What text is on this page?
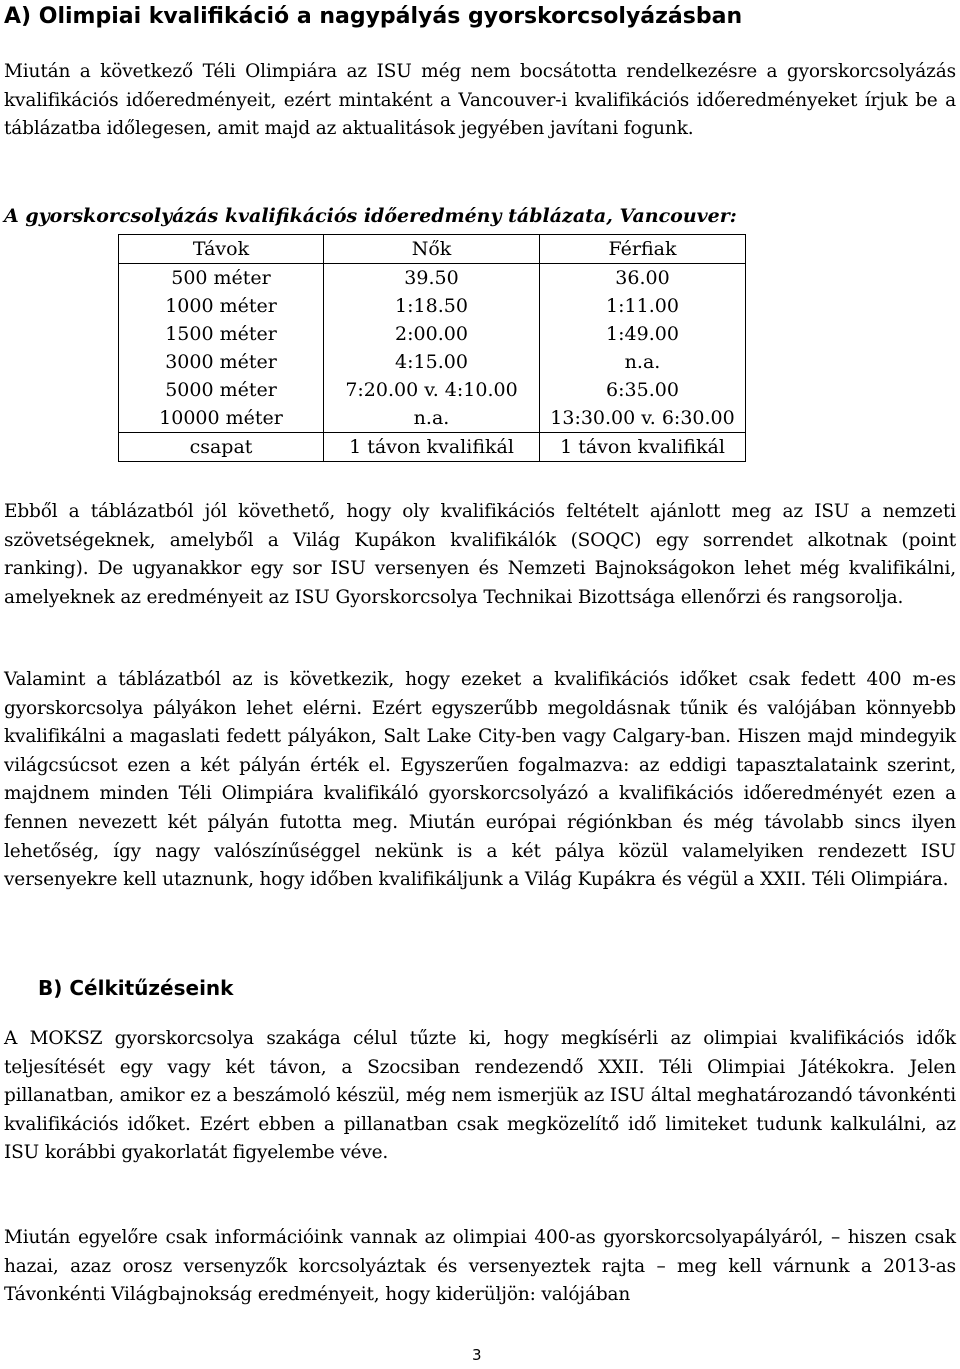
A) Olimpiai kvalifikáció a nagypályás gyorskorcsolyázásban

Miután a következő Téli Olimpiára az ISU még nem bocsátotta rendelkezésre a gyorskorcsolyázás kvalifikációs időeredményeit, ezért mintaként a Vancouver-i kvalifikációs időeredményeket írjuk be a táblázatba időlegesen, amit majd az aktualitások jegyében javítani fogunk.

A gyorskorcsolyázás kvalifikációs időeredmény táblázata, Vancouver:

Távok	Nők	Férfiak
500 méter	39.50	36.00
1000 méter	1:18.50	1:11.00
1500 méter	2:00.00	1:49.00
3000 méter	4:15.00	n.a.
5000 méter	7:20.00 v. 4:10.00	6:35.00
10000 méter	n.a.	13:30.00 v. 6:30.00
csapat	1 távon kvalifikál	1 távon kvalifikál

Ebből a táblázatból jól követhető, hogy oly kvalifikációs feltételt ajánlott meg az ISU a nemzeti szövetségeknek, amelyből a Világ Kupákon kvalifikálók (SOQC) egy sorrendet alkotnak (point ranking). De ugyanakkor egy sor ISU versenyen és Nemzeti Bajnokságokon lehet még kvalifikálni, amelyeknek az eredményeit az ISU Gyorskorcsolya Technikai Bizottsága ellenőrzi és rangsorolja.

Valamint a táblázatból az is következik, hogy ezeket a kvalifikációs időket csak fedett 400 m-es gyorskorcsolya pályákon lehet elérni. Ezért egyszerűbb megoldásnak tűnik és valójában könnyebb kvalifikálni a magaslati fedett pályákon, Salt Lake City-ben vagy Calgary-ban. Hiszen majd mindegyik világcsúcsot ezen a két pályán érték el. Egyszerűen fogalmazva: az eddigi tapasztalataink szerint, majdnem minden Téli Olimpiára kvalifikáló gyorskorcsolyázó a kvalifikációs időeredményét ezen a fennen nevezett két pályán futotta meg. Miután európai régiónkban és még távolabb sincs ilyen lehetőség, így nagy valószínűséggel nekünk is a két pálya közül valamelyiken rendezett ISU versenyekre kell utaznunk, hogy időben kvalifikáljunk a Világ Kupákra és végül a XXII. Téli Olimpiára.

B) Célkitűzéseink

A MOKSZ gyorskorcsolya szakága célul tűzte ki, hogy megkísérli az olimpiai kvalifikációs idők teljesítését egy vagy két távon, a Szocsiban rendezendő XXII. Téli Olimpiai Játékokra. Jelen pillanatban, amikor ez a beszámoló készül, még nem ismerjük az ISU által meghatározandó távonkénti kvalifikációs időket. Ezért ebben a pillanatban csak megközelítő idő limiteket tudunk kalkulálni, az ISU korábbi gyakorlatát figyelembe véve.

Miután egyelőre csak információink vannak az olimpiai 400-as gyorskorcsolyapályáról, – hiszen csak hazai, azaz orosz versenyzők korcsolyáztak és versenyeztek rajta – meg kell várnunk a 2013-as Távonkénti Világbajnokság eredményeit, hogy kiderüljön: valójában

3
